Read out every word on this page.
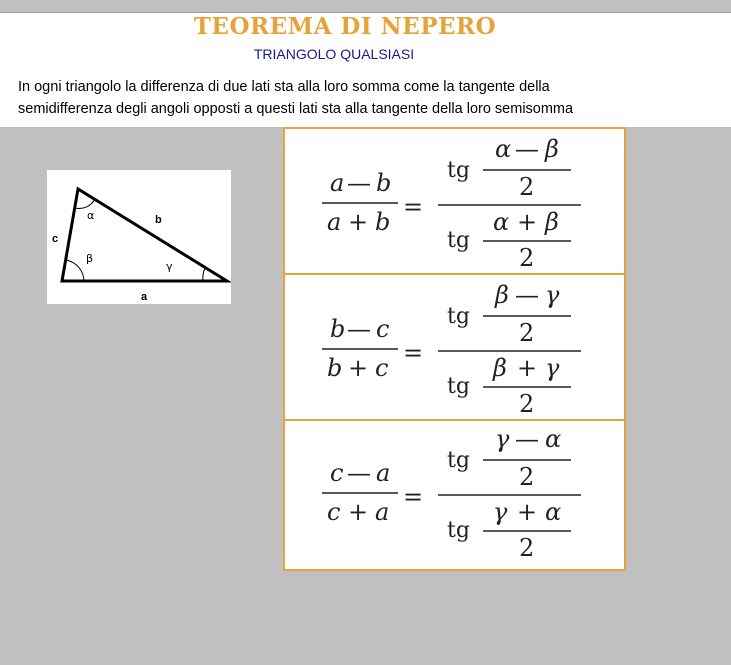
TEOREMA DI NEPERO
TRIANGOLO QUALSIASI
In ogni triangolo la differenza di due lati sta alla loro somma come la tangente della
semidifferenza degli angoli opposti a questi lati sta alla tangente della loro semisomma
α
β
γ
b
c
a
a — b
a + b
=
tg
α — β
2
tg
α + β
2
b — c
b + c
=
tg
β — γ
2
tg
β + γ
2
c — a
c + a
=
tg
γ — α
2
tg
γ + α
2
